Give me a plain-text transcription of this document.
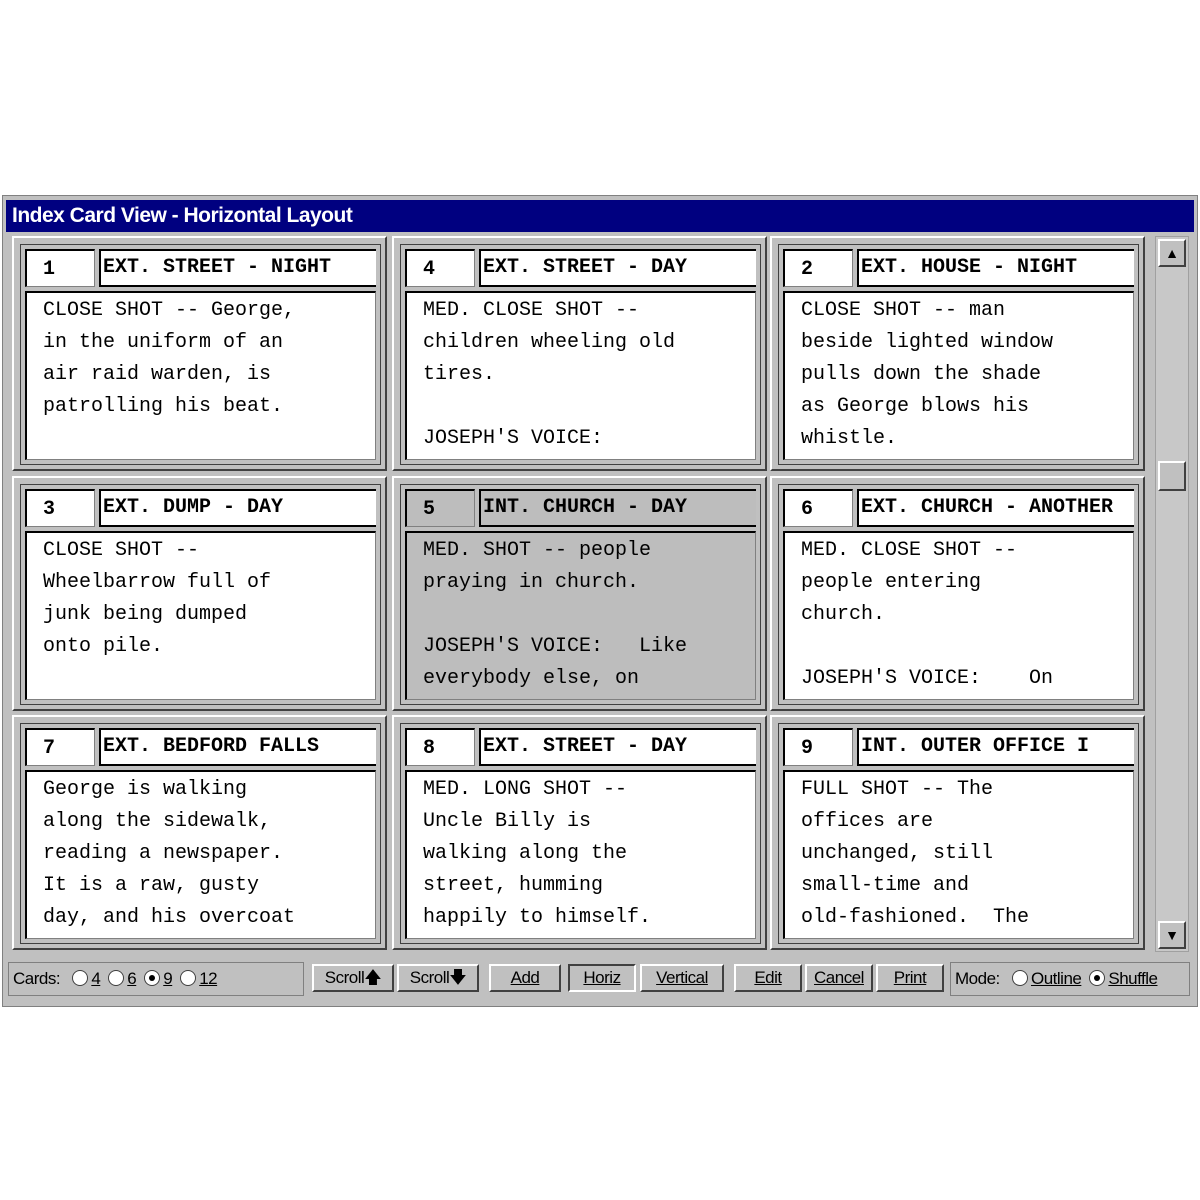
Index Card View - Horizontal Layout
1	EXT. STREET - NIGHT
CLOSE SHOT -- George,
in the uniform of an
air raid warden, is
patrolling his beat.
4	EXT. STREET - DAY
MED. CLOSE SHOT --
children wheeling old
tires.

JOSEPH'S VOICE:
2	EXT. HOUSE - NIGHT
CLOSE SHOT -- man
beside lighted window
pulls down the shade
as George blows his
whistle.
3	EXT. DUMP - DAY
CLOSE SHOT --
Wheelbarrow full of
junk being dumped
onto pile.
5	INT. CHURCH - DAY
MED. SHOT -- people
praying in church.

JOSEPH'S VOICE:   Like
everybody else, on
6	EXT. CHURCH - ANOTHER
MED. CLOSE SHOT --
people entering
church.

JOSEPH'S VOICE:    On
7	EXT. BEDFORD FALLS
George is walking
along the sidewalk,
reading a newspaper.
It is a raw, gusty
day, and his overcoat
8	EXT. STREET - DAY
MED. LONG SHOT --
Uncle Billy is
walking along the
street, humming
happily to himself.
9	INT. OUTER OFFICE I
FULL SHOT -- The
offices are
unchanged, still
small-time and
old-fashioned.  The
▲
▼
Cards: 4 6 9 12	Scroll🡅	Scroll🡇	Add	Horiz	Vertical	Edit	Cancel	Print	Mode: Outline Shuffle
